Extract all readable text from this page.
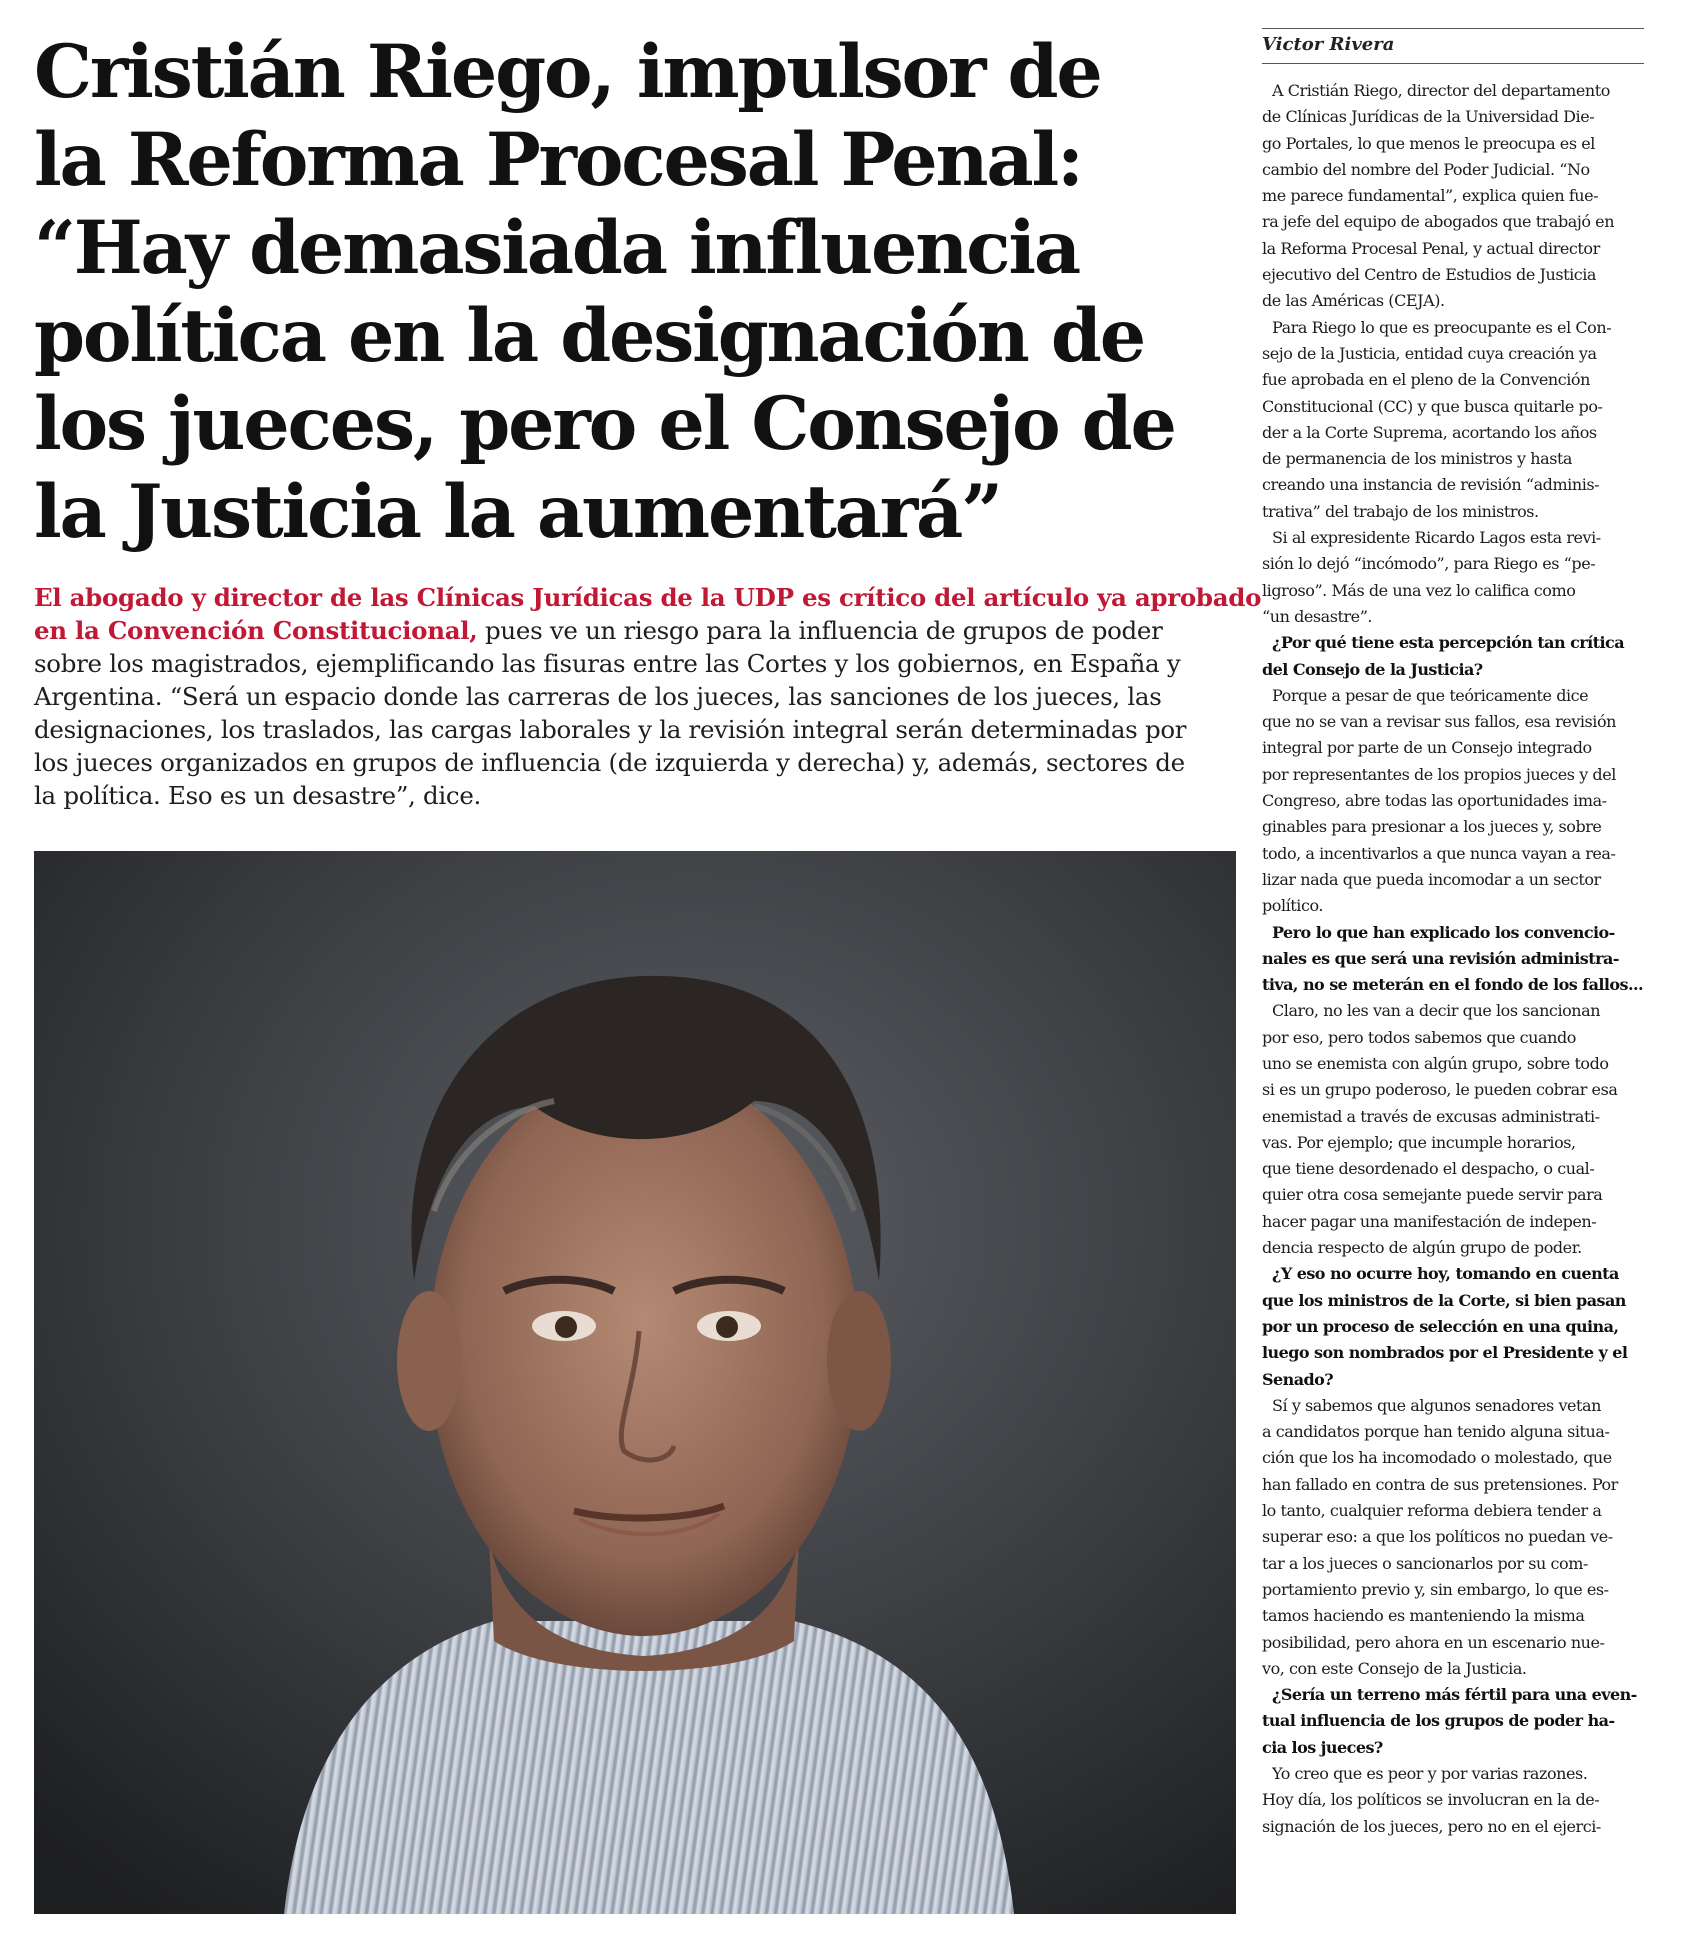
Cristián Riego, impulsor de
la Reforma Procesal Penal:
“Hay demasiada influencia
política en la designación de
los jueces, pero el Consejo de
la Justicia la aumentará”
El abogado y director de las Clínicas Jurídicas de la UDP es crítico del artículo ya aprobado
en la Convención Constitucional, pues ve un riesgo para la influencia de grupos de poder
sobre los magistrados, ejemplificando las fisuras entre las Cortes y los gobiernos, en España y
Argentina. “Será un espacio donde las carreras de los jueces, las sanciones de los jueces, las
designaciones, los traslados, las cargas laborales y la revisión integral serán determinadas por
los jueces organizados en grupos de influencia (de izquierda y derecha) y, además, sectores de
la política. Eso es un desastre”, dice.

Victor Rivera

A Cristián Riego, director del departamento
de Clínicas Jurídicas de la Universidad Die-
go Portales, lo que menos le preocupa es el
cambio del nombre del Poder Judicial. “No
me parece fundamental”, explica quien fue-
ra jefe del equipo de abogados que trabajó en
la Reforma Procesal Penal, y actual director
ejecutivo del Centro de Estudios de Justicia
de las Américas (CEJA).

Para Riego lo que es preocupante es el Con-
sejo de la Justicia, entidad cuya creación ya
fue aprobada en el pleno de la Convención
Constitucional (CC) y que busca quitarle po-
der a la Corte Suprema, acortando los años
de permanencia de los ministros y hasta
creando una instancia de revisión “adminis-
trativa” del trabajo de los ministros.

Si al expresidente Ricardo Lagos esta revi-
sión lo dejó “incómodo”, para Riego es “pe-
ligroso”. Más de una vez lo califica como
“un desastre”.

¿Por qué tiene esta percepción tan crítica
del Consejo de la Justicia?

Porque a pesar de que teóricamente dice
que no se van a revisar sus fallos, esa revisión
integral por parte de un Consejo integrado
por representantes de los propios jueces y del
Congreso, abre todas las oportunidades ima-
ginables para presionar a los jueces y, sobre
todo, a incentivarlos a que nunca vayan a rea-
lizar nada que pueda incomodar a un sector
político.

Pero lo que han explicado los convencio-
nales es que será una revisión administra-
tiva, no se meterán en el fondo de los fallos...

Claro, no les van a decir que los sancionan
por eso, pero todos sabemos que cuando
uno se enemista con algún grupo, sobre todo
si es un grupo poderoso, le pueden cobrar esa
enemistad a través de excusas administrati-
vas. Por ejemplo; que incumple horarios,
que tiene desordenado el despacho, o cual-
quier otra cosa semejante puede servir para
hacer pagar una manifestación de indepen-
dencia respecto de algún grupo de poder.

¿Y eso no ocurre hoy, tomando en cuenta
que los ministros de la Corte, si bien pasan
por un proceso de selección en una quina,
luego son nombrados por el Presidente y el
Senado?

Sí y sabemos que algunos senadores vetan
a candidatos porque han tenido alguna situa-
ción que los ha incomodado o molestado, que
han fallado en contra de sus pretensiones. Por
lo tanto, cualquier reforma debiera tender a
superar eso: a que los políticos no puedan ve-
tar a los jueces o sancionarlos por su com-
portamiento previo y, sin embargo, lo que es-
tamos haciendo es manteniendo la misma
posibilidad, pero ahora en un escenario nue-
vo, con este Consejo de la Justicia.

¿Sería un terreno más fértil para una even-
tual influencia de los grupos de poder ha-
cia los jueces?

Yo creo que es peor y por varias razones.
Hoy día, los políticos se involucran en la de-
signación de los jueces, pero no en el ejerci-
